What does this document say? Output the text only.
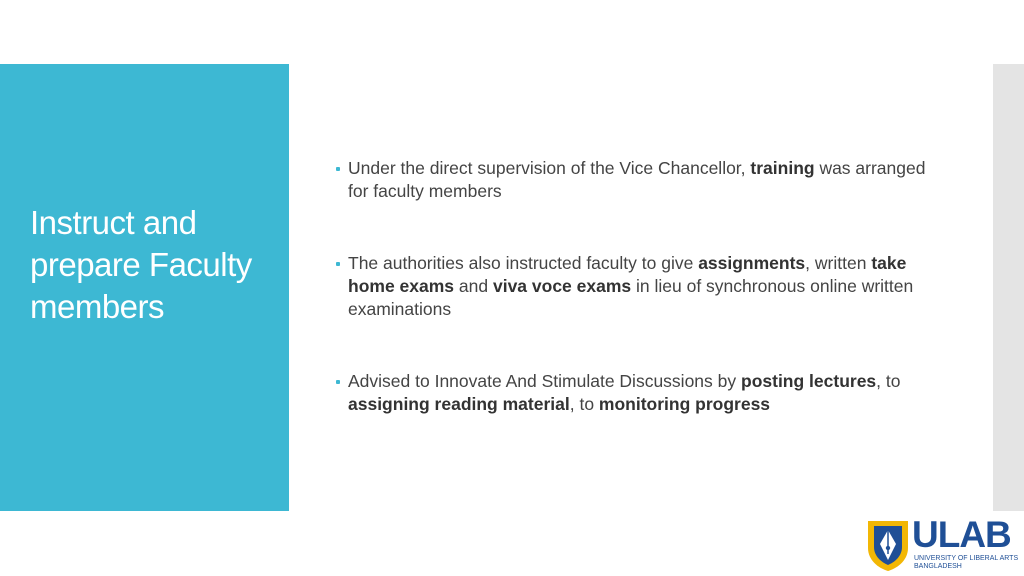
Instruct and prepare Faculty members
Under the direct supervision of the Vice Chancellor, training was arranged for faculty members
The authorities also instructed faculty to give assignments, written take home exams and viva voce exams in lieu of synchronous online written examinations
Advised to Innovate And Stimulate Discussions by posting lectures, to assigning reading material, to monitoring progress
ULAB
UNIVERSITY OF LIBERAL ARTS
BANGLADESH
